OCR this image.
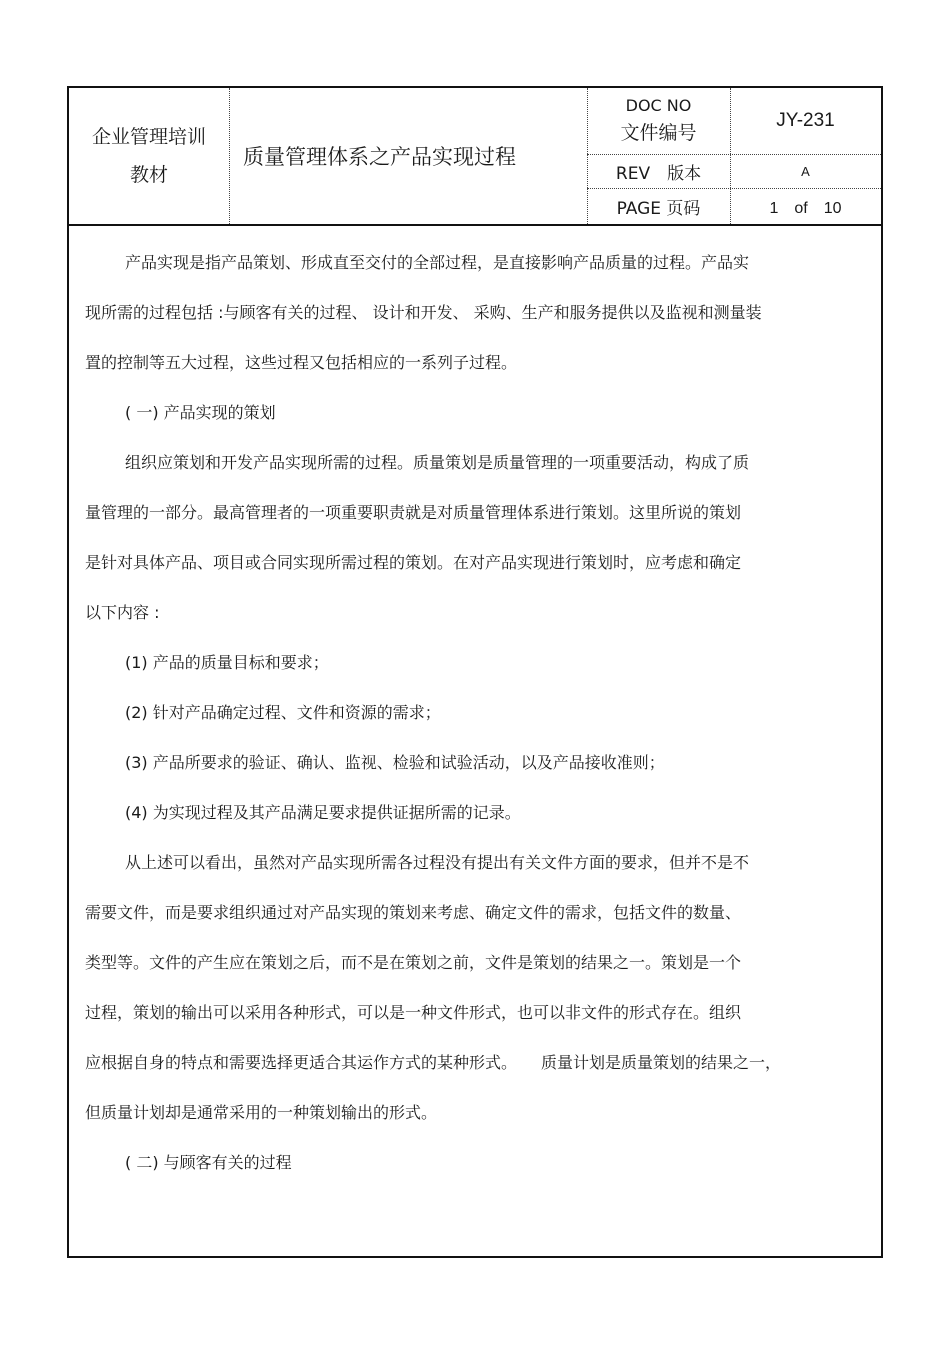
企业管理培训
教材
质量管理体系之产品实现过程
DOC NO
文件编号
JY-231
REV　版本	A
PAGE 页码	1　of　10

产品实现是指产品策划、形成直至交付的全部过程，是直接影响产品质量的过程。产品实

现所需的过程包括 :与顾客有关的过程、 设计和开发、 采购、生产和服务提供以及监视和测量装

置的控制等五大过程，这些过程又包括相应的一系列子过程。

( 一) 产品实现的策划

组织应策划和开发产品实现所需的过程。质量策划是质量管理的一项重要活动，构成了质

量管理的一部分。最高管理者的一项重要职责就是对质量管理体系进行策划。这里所说的策划

是针对具体产品、项目或合同实现所需过程的策划。在对产品实现进行策划时，应考虑和确定

以下内容 :

(1) 产品的质量目标和要求；

(2) 针对产品确定过程、文件和资源的需求；

(3) 产品所要求的验证、确认、监视、检验和试验活动，以及产品接收准则；

(4) 为实现过程及其产品满足要求提供证据所需的记录。

从上述可以看出，虽然对产品实现所需各过程没有提出有关文件方面的要求，但并不是不

需要文件，而是要求组织通过对产品实现的策划来考虑、确定文件的需求，包括文件的数量、

类型等。文件的产生应在策划之后，而不是在策划之前，文件是策划的结果之一。策划是一个

过程，策划的输出可以采用各种形式，可以是一种文件形式，也可以非文件的形式存在。组织

应根据自身的特点和需要选择更适合其运作方式的某种形式。　　质量计划是质量策划的结果之一，

但质量计划却是通常采用的一种策划输出的形式。

( 二) 与顾客有关的过程
